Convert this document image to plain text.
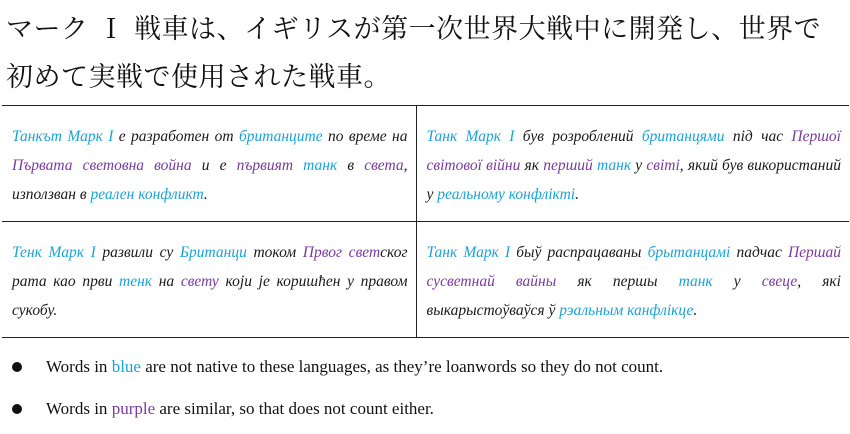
マーク Ｉ 戦車は、イギリスが第一次世界大戦中に開発し、世界で初めて実戦で使用された戦車。
Танкът Марк I е разработен от британците по време на Първата световна война и е първият танк в света, използван в реален конфликт.	Танк Марк I був розроблений британцями під час Першої світової війни як перший танк у світі, який був використаний у реальному конфлікті.
Тенк Марк I развили су Британци током Првог светског рата као први тенк на свету који је коришћен у правом сукобу.	Танк Марк I быў распрацаваны брытанцамі падчас Першай сусветнай вайны як першы танк у свеце, які выкарыстоўваўся ў рэальным канфлікце.
Words in blue are not native to these languages, as they’re loanwords so they do not count.
Words in purple are similar, so that does not count either.
